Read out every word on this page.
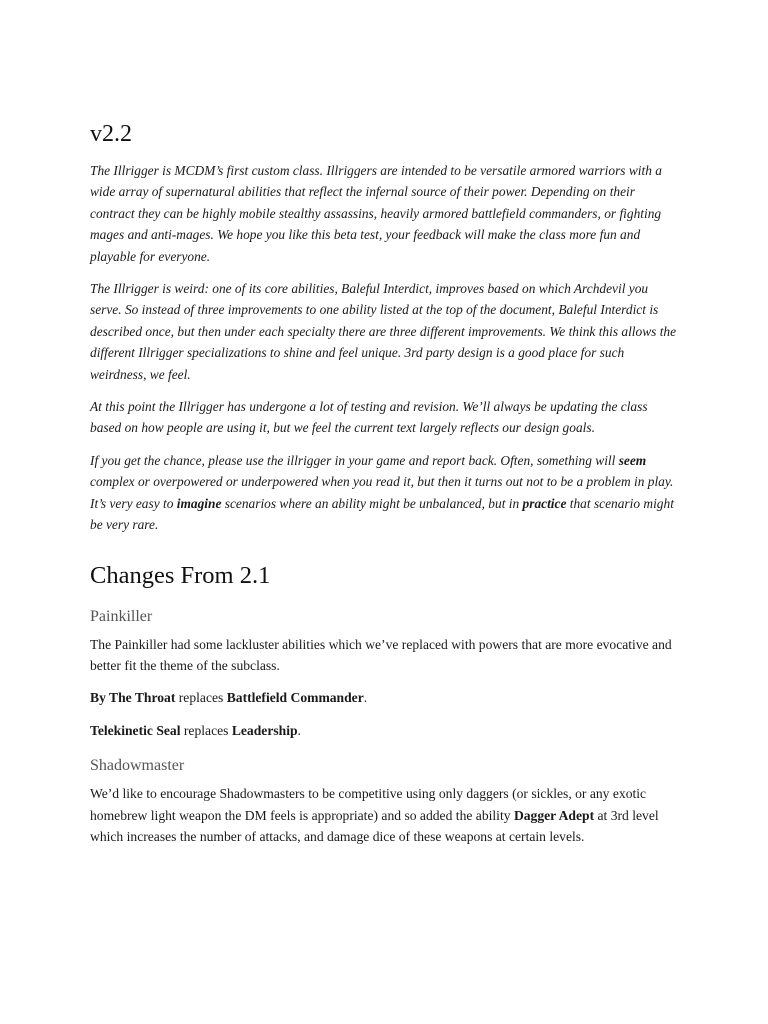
v2.2

The Illrigger is MCDM’s first custom class. Illriggers are intended to be versatile armored warriors with a wide array of supernatural abilities that reflect the infernal source of their power. Depending on their contract they can be highly mobile stealthy assassins, heavily armored battlefield commanders, or fighting mages and anti-mages. We hope you like this beta test, your feedback will make the class more fun and playable for everyone.

The Illrigger is weird: one of its core abilities, Baleful Interdict, improves based on which Archdevil you serve. So instead of three improvements to one ability listed at the top of the document, Baleful Interdict is described once, but then under each specialty there are three different improvements. We think this allows the different Illrigger specializations to shine and feel unique. 3rd party design is a good place for such weirdness, we feel.

At this point the Illrigger has undergone a lot of testing and revision. We’ll always be updating the class based on how people are using it, but we feel the current text largely reflects our design goals.

If you get the chance, please use the illrigger in your game and report back. Often, something will seem complex or overpowered or underpowered when you read it, but then it turns out not to be a problem in play. It’s very easy to imagine scenarios where an ability might be unbalanced, but in practice that scenario might be very rare.

Changes From 2.1
Painkiller

The Painkiller had some lackluster abilities which we’ve replaced with powers that are more evocative and better fit the theme of the subclass.

By The Throat replaces Battlefield Commander.

Telekinetic Seal replaces Leadership.

Shadowmaster

We’d like to encourage Shadowmasters to be competitive using only daggers (or sickles, or any exotic homebrew light weapon the DM feels is appropriate) and so added the ability Dagger Adept at 3rd level which increases the number of attacks, and damage dice of these weapons at certain levels.
